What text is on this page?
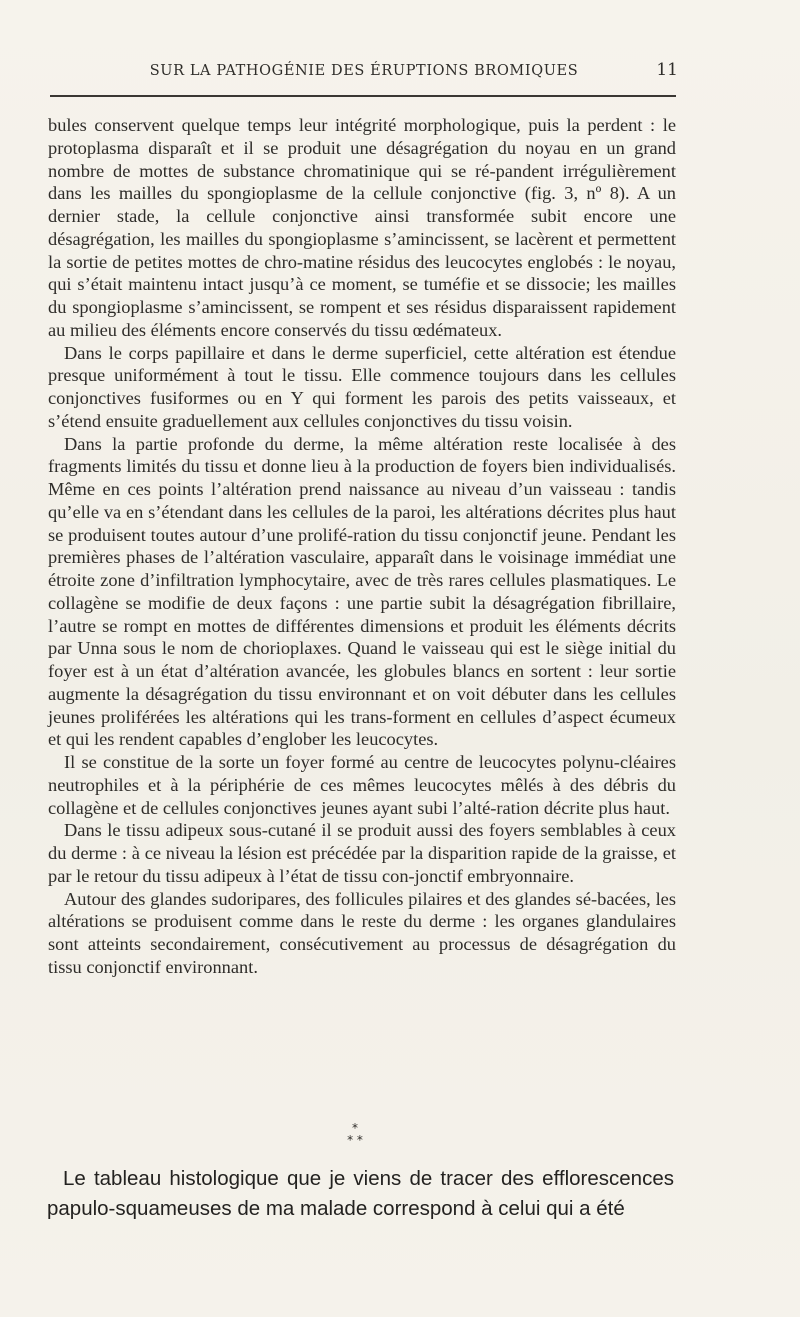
SUR LA PATHOGÉNIE DES ÉRUPTIONS BROMIQUES	11

bules conservent quelque temps leur intégrité morphologique, puis la perdent : le protoplasma disparaît et il se produit une désagrégation du noyau en un grand nombre de mottes de substance chromatinique qui se ré-pandent irrégulièrement dans les mailles du spongioplasme de la cellule conjonctive (fig. 3, nº 8). A un dernier stade, la cellule conjonctive ainsi transformée subit encore une désagrégation, les mailles du spongioplasme s’amincissent, se lacèrent et permettent la sortie de petites mottes de chro-matine résidus des leucocytes englobés : le noyau, qui s’était maintenu intact jusqu’à ce moment, se tuméfie et se dissocie; les mailles du spongioplasme s’amincissent, se rompent et ses résidus disparaissent rapidement au milieu des éléments encore conservés du tissu œdémateux.

Dans le corps papillaire et dans le derme superficiel, cette altération est étendue presque uniformément à tout le tissu. Elle commence toujours dans les cellules conjonctives fusiformes ou en Y qui forment les parois des petits vaisseaux, et s’étend ensuite graduellement aux cellules conjonctives du tissu voisin.

Dans la partie profonde du derme, la même altération reste localisée à des fragments limités du tissu et donne lieu à la production de foyers bien individualisés. Même en ces points l’altération prend naissance au niveau d’un vaisseau : tandis qu’elle va en s’étendant dans les cellules de la paroi, les altérations décrites plus haut se produisent toutes autour d’une prolifé-ration du tissu conjonctif jeune. Pendant les premières phases de l’altération vasculaire, apparaît dans le voisinage immédiat une étroite zone d’infiltration lymphocytaire, avec de très rares cellules plasmatiques. Le collagène se modifie de deux façons : une partie subit la désagrégation fibrillaire, l’autre se rompt en mottes de différentes dimensions et produit les éléments décrits par Unna sous le nom de chorioplaxes. Quand le vaisseau qui est le siège initial du foyer est à un état d’altération avancée, les globules blancs en sortent : leur sortie augmente la désagrégation du tissu environnant et on voit débuter dans les cellules jeunes proliférées les altérations qui les trans-forment en cellules d’aspect écumeux et qui les rendent capables d’englober les leucocytes.

Il se constitue de la sorte un foyer formé au centre de leucocytes polynu-cléaires neutrophiles et à la périphérie de ces mêmes leucocytes mêlés à des débris du collagène et de cellules conjonctives jeunes ayant subi l’alté-ration décrite plus haut.

Dans le tissu adipeux sous-cutané il se produit aussi des foyers semblables à ceux du derme : à ce niveau la lésion est précédée par la disparition rapide de la graisse, et par le retour du tissu adipeux à l’état de tissu con-jonctif embryonnaire.

Autour des glandes sudoripares, des follicules pilaires et des glandes sé-bacées, les altérations se produisent comme dans le reste du derme : les organes glandulaires sont atteints secondairement, consécutivement au processus de désagrégation du tissu conjonctif environnant.

*
* *

Le tableau histologique que je viens de tracer des efflorescences papulo-squameuses de ma malade correspond à celui qui a été
